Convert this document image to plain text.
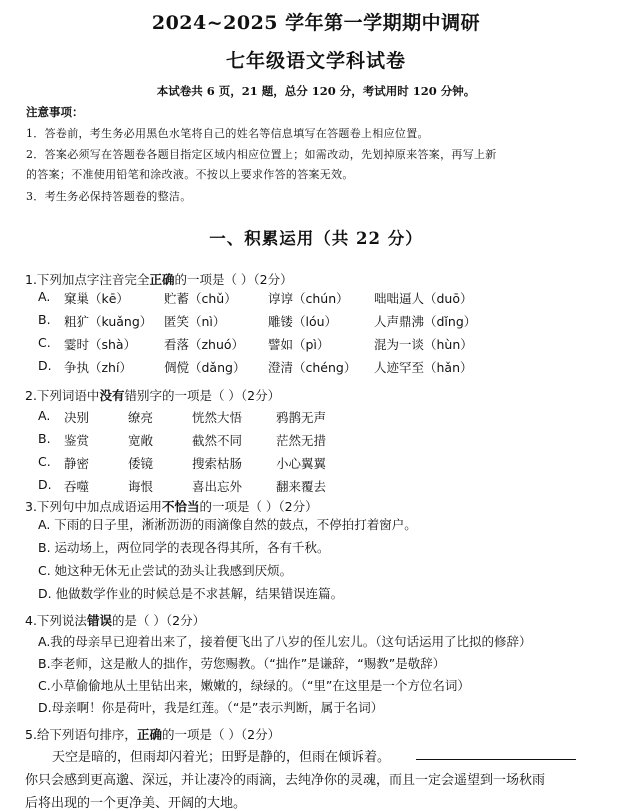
2024~2025 学年第一学期期中调研
七年级语文学科试卷
本试卷共 6 页，21 题，总分 120 分，考试用时 120 分钟。
注意事项：
1．答卷前，考生务必用黑色水笔将自己的姓名等信息填写在答题卷上相应位置。
2．答案必须写在答题卷各题目指定区域内相应位置上；如需改动，先划掉原来答案，再写上新
的答案；不准使用铅笔和涂改液。不按以上要求作答的答案无效。
3．考生务必保持答题卷的整洁。
一、积累运用（共 22 分）
1.下列加点字注音完全正确的一项是（ ）（2分）
A. 窠巢（kē）	贮蓄（chǔ）	谆谆（chún） 咄咄逼人（duō）
B. 粗犷（kuǎng） 匿笑（nì）	雕镂（lóu）	人声鼎沸（dǐng）
C. 霎时（shà） 看落（zhuó） 譬如（pì）	混为一谈（hùn）
D. 争执（zhí）	倜傥（dǎng） 澄清（chéng） 人迹罕至（hǎn）
2.下列词语中没有错别字的一项是（ ）（2分）
A. 决别	缭亮	恍然大悟	鸦鹊无声
B. 鉴赏	宽敞	截然不同	茫然无措
C. 静密	倭镜	搜索枯肠	小心翼翼
D. 吞噬	诲恨	喜出忘外	翻来覆去
3.下列句中加点成语运用不恰当的一项是（ ）（2分）
A. 下雨的日子里，淅淅沥沥的雨滴像自然的鼓点，不停拍打着窗户。
B. 运动场上，两位同学的表现各得其所，各有千秋。
C. 她这种无休无止尝试的劲头让我感到厌烦。
D. 他做数学作业的时候总是不求甚解，结果错误连篇。
4.下列说法错误的是（ ）（2分）
A.我的母亲早已迎着出来了，接着便飞出了八岁的侄儿宏儿。（这句话运用了比拟的修辞）
B.李老师，这是敝人的拙作，劳您赐教。（“拙作”是谦辞，“赐教”是敬辞）
C.小草偷偷地从土里钻出来，嫩嫩的，绿绿的。（“里”在这里是一个方位名词）
D.母亲啊！你是荷叶，我是红莲。（“是”表示判断，属于名词）
5.给下列语句排序，正确的一项是（ ）（2分）
天空是暗的，但雨却闪着光；田野是静的，但雨在倾诉着。
你只会感到更高邈、深远，并让凄冷的雨滴，去纯净你的灵魂，而且一定会遥望到一场秋雨
后将出现的一个更净美、开阔的大地。
